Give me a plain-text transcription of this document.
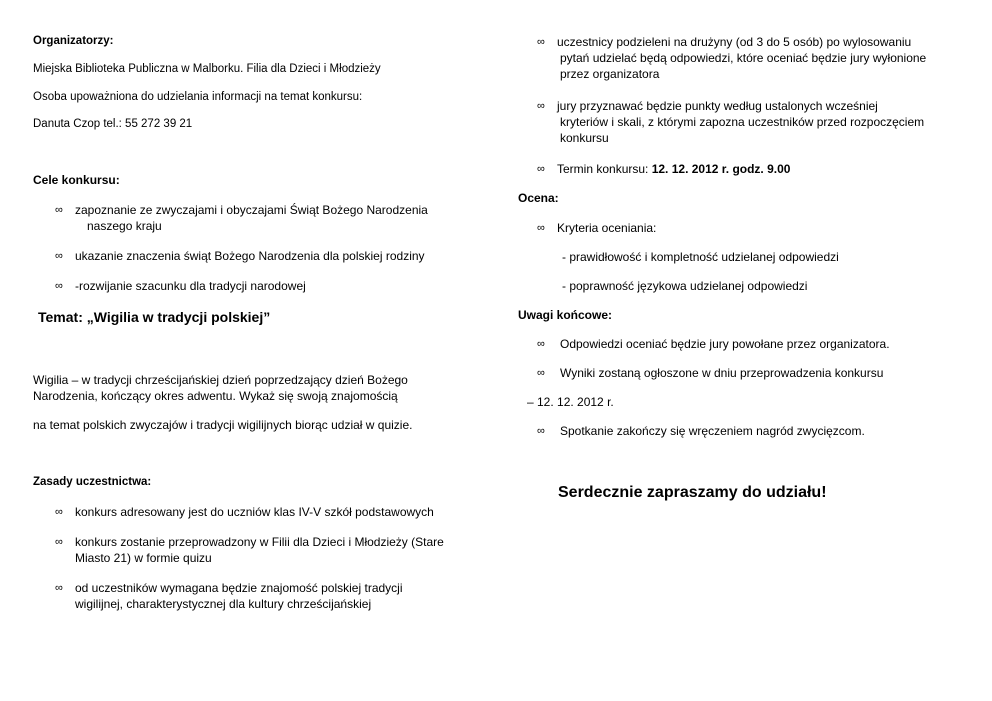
Organizatorzy:
Miejska Biblioteka Publiczna w Malborku. Filia dla Dzieci i Młodzieży
Osoba upoważniona do udzielania informacji na temat konkursu:
Danuta Czop tel.: 55 272 39 21
Cele konkursu:
∞ zapoznanie ze zwyczajami i obyczajami Świąt Bożego Narodzenia
naszego kraju
∞ ukazanie znaczenia świąt Bożego Narodzenia dla polskiej rodziny
∞ -rozwijanie szacunku dla tradycji narodowej
Temat: „Wigilia w tradycji polskiej”
Wigilia – w tradycji chrześcijańskiej dzień poprzedzający dzień Bożego
Narodzenia, kończący okres adwentu. Wykaż się swoją znajomością
na temat polskich zwyczajów i tradycji wigilijnych biorąc udział w quizie.
Zasady uczestnictwa:
∞ konkurs adresowany jest do uczniów klas IV-V szkół podstawowych
∞ konkurs zostanie przeprowadzony w Filii dla Dzieci i Młodzieży (Stare
Miasto 21) w formie quizu
∞ od uczestników wymagana będzie znajomość polskiej tradycji
wigilijnej, charakterystycznej dla kultury chrześcijańskiej
∞ uczestnicy podzieleni na drużyny (od 3 do 5 osób) po wylosowaniu
pytań udzielać będą odpowiedzi, które oceniać będzie jury wyłonione
przez organizatora
∞ jury przyznawać będzie punkty według ustalonych wcześniej
kryteriów i skali, z którymi zapozna uczestników przed rozpoczęciem
konkursu
∞ Termin konkursu: 12. 12. 2012 r. godz. 9.00
Ocena:
∞ Kryteria oceniania:
- prawidłowość i kompletność udzielanej odpowiedzi
- poprawność językowa udzielanej odpowiedzi
Uwagi końcowe:
∞ Odpowiedzi oceniać będzie jury powołane przez organizatora.
∞ Wyniki zostaną ogłoszone w dniu przeprowadzenia konkursu
– 12. 12. 2012 r.
∞ Spotkanie zakończy się wręczeniem nagród zwycięzcom.
Serdecznie zapraszamy do udziału!
